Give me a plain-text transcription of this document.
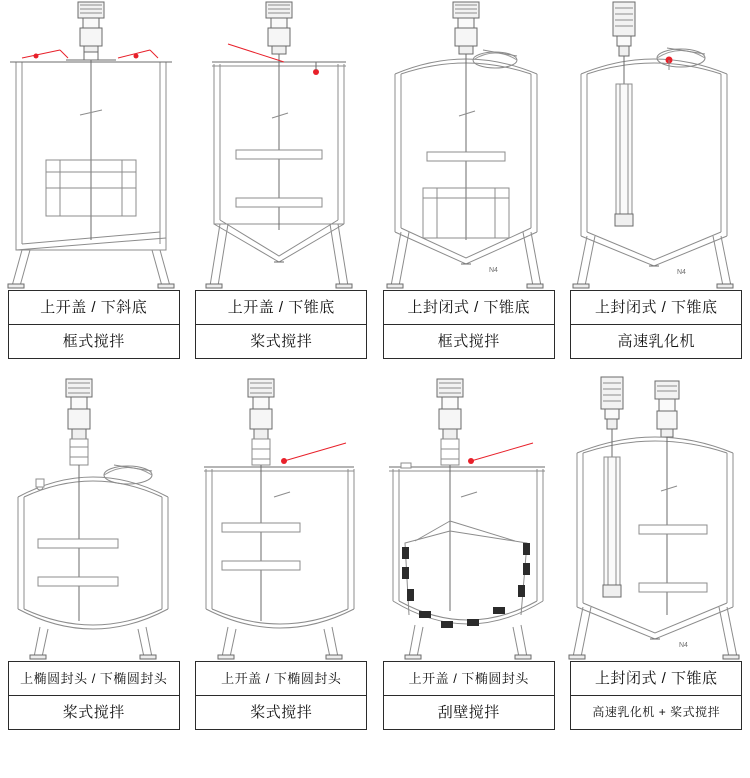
上开盖 / 下斜底
框式搅拌
上开盖 / 下锥底
桨式搅拌
N4
上封闭式 / 下锥底
框式搅拌
N4
上封闭式 / 下锥底
高速乳化机
上椭圆封头 / 下椭圆封头
桨式搅拌
上开盖 / 下椭圆封头
桨式搅拌
上开盖 / 下椭圆封头
刮壁搅拌
N4
上封闭式 / 下锥底
高速乳化机 + 桨式搅拌
